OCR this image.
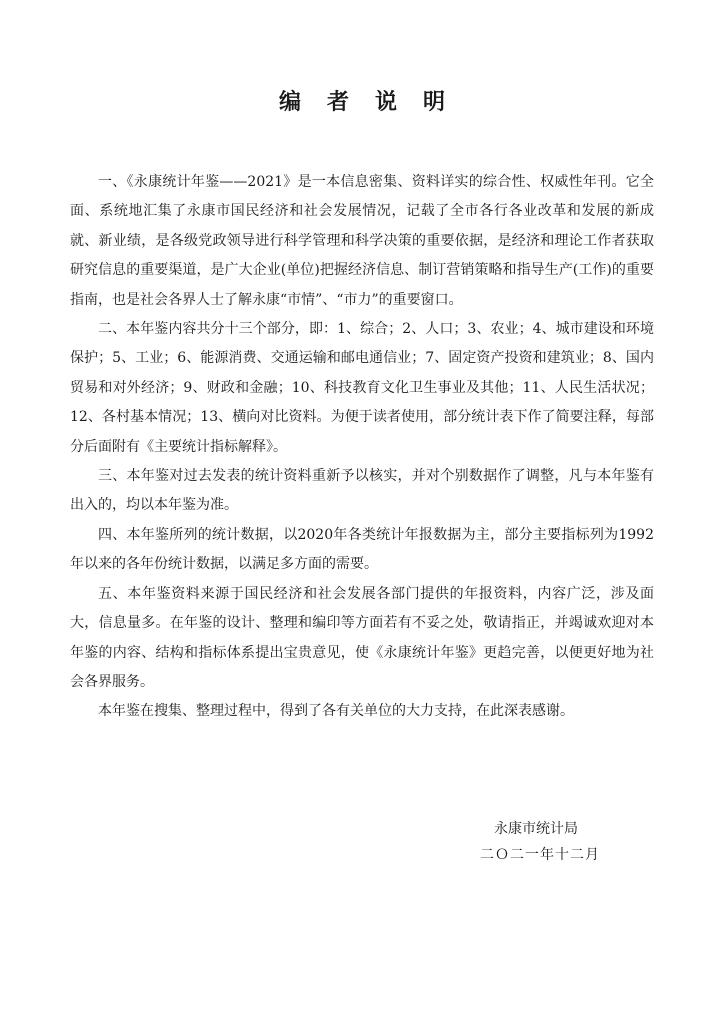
编者说明

一、《永康统计年鉴——2021》是一本信息密集、资料详实的综合性、权威性年刊。它全面、系统地汇集了永康市国民经济和社会发展情况，记载了全市各行各业改革和发展的新成就、新业绩，是各级党政领导进行科学管理和科学决策的重要依据，是经济和理论工作者获取研究信息的重要渠道，是广大企业(单位)把握经济信息、制订营销策略和指导生产(工作)的重要指南，也是社会各界人士了解永康“市情”、“市力”的重要窗口。

二、本年鉴内容共分十三个部分，即：1、综合；2、人口；3、农业；4、城市建设和环境保护；5、工业；6、能源消费、交通运输和邮电通信业；7、固定资产投资和建筑业；8、国内贸易和对外经济；9、财政和金融；10、科技教育文化卫生事业及其他；11、人民生活状况；12、各村基本情况；13、横向对比资料。为便于读者使用，部分统计表下作了简要注释，每部分后面附有《主要统计指标解释》。

三、本年鉴对过去发表的统计资料重新予以核实，并对个别数据作了调整，凡与本年鉴有出入的，均以本年鉴为准。

四、本年鉴所列的统计数据，以2020年各类统计年报数据为主，部分主要指标列为1992年以来的各年份统计数据，以满足多方面的需要。

五、本年鉴资料来源于国民经济和社会发展各部门提供的年报资料，内容广泛，涉及面大，信息量多。在年鉴的设计、整理和编印等方面若有不妥之处，敬请指正，并竭诚欢迎对本年鉴的内容、结构和指标体系提出宝贵意见，使《永康统计年鉴》更趋完善，以便更好地为社会各界服务。

本年鉴在搜集、整理过程中，得到了各有关单位的大力支持，在此深表感谢。

永康市统计局
二Ｏ二一年十二月
